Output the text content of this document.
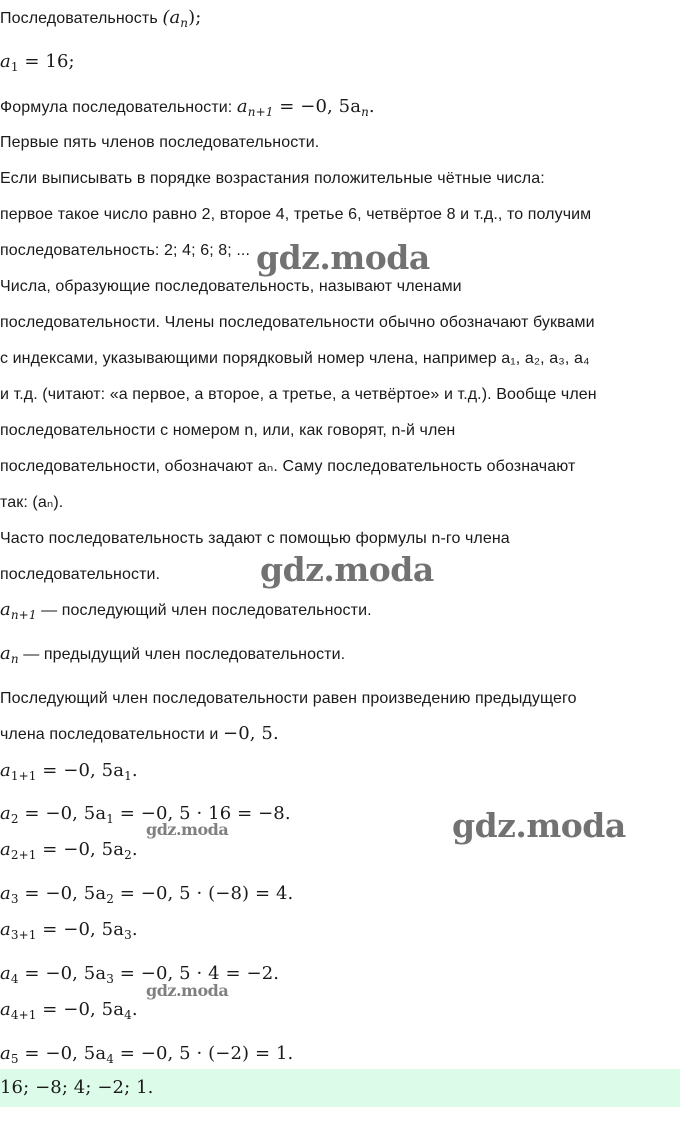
Последовательность $(a_n)$;
$a_1 = 16$;
Формула последовательности: $a_{n+1} = -0$, $5a_n$.
Первые пять членов последовательности.
Если выписывать в порядке возрастания положительные чётные числа:
первое такое число равно 2, второе 4, третье 6, четвёртое 8 и т.д., то получим
последовательность: 2; 4; 6; 8; ...
Числа, образующие последовательность, называют членами
последовательности. Члены последовательности обычно обозначают буквами
с индексами, указывающими порядковый номер члена, например a₁, a₂, a₃, a₄
и т.д. (читают: «a первое, a второе, a третье, a четвёртое» и т.д.). Вообще член
последовательности с номером n, или, как говорят, n-й член
последовательности, обозначают aₙ. Саму последовательность обозначают
так: (aₙ).
Часто последовательность задают с помощью формулы n-го члена
последовательности.
$a_{n+1}$ — последующий член последовательности.
$a_n$ — предыдущий член последовательности.
Последующий член последовательности равен произведению предыдущего
члена последовательности и −0, 5.
$a_{1+1} = -0$, $5a_1$.
$a_2 = -0$, $5a_1 = -0$, 5 · 16 = −8.
$a_{2+1} = -0$, $5a_2$.
$a_3 = -0$, $5a_2 = -0$, 5 · (−8) = 4.
$a_{3+1} = -0$, $5a_3$.
$a_4 = -0$, $5a_3 = -0$, 5 · 4 = −2.
$a_{4+1} = -0$, $5a_4$.
$a_5 = -0$, $5a_4 = -0$, 5 · (−2) = 1.
16; −8; 4; −2; 1.
gdz.moda
gdz.moda
gdz.moda
gdz.moda
gdz.moda
